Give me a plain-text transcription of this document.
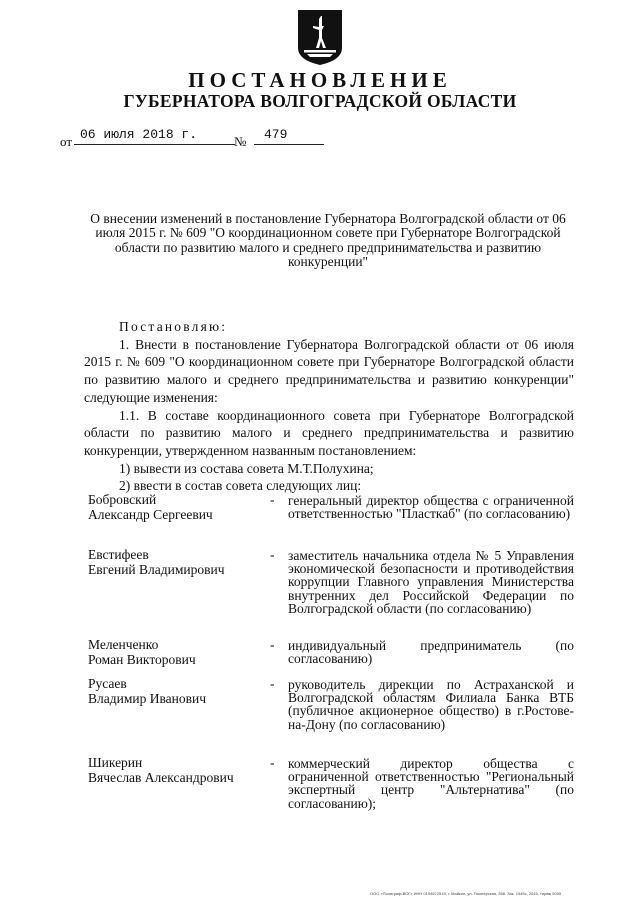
ПОСТАНОВЛЕНИЕ
ГУБЕРНАТОРА ВОЛГОГРАДСКОЙ ОБЛАСТИ
от 06 июля 2018 г.	№	479
О внесении изменений в постановление Губернатора Волгоградской области от 06 июля 2015 г. № 609 "О координационном совете при Губернаторе Волгоградской области по развитию малого и среднего предпринимательства и развитию конкуренции"

Постановляю:

1. Внести в постановление Губернатора Волгоградской области от 06 июля 2015 г. № 609 "О координационном совете при Губернаторе Волгоградской области по развитию малого и среднего предпринимательства и развитию конкуренции" следующие изменения:

1.1. В составе координационного совета при Губернаторе Волгоградской области по развитию малого и среднего предпринимательства и развитию конкуренции, утвержденном названным постановлением:

1) вывести из состава совета М.Т.Полухина;

2) ввести в состав совета следующих лиц:

Бобровский
Александр Сергеевич
- генеральный директор общества с ограниченной ответственностью "Пласткаб" (по согласованию)
Евстифеев
Евгений Владимирович
- заместитель начальника отдела № 5 Управления экономической безопасности и противодействия коррупции Главного управления Министерства внутренних дел Российской Федерации по Волгоградской области (по согласованию)
Меленченко
Роман Викторович
- индивидуальный предприниматель (по согласованию)
Русаев
Владимир Иванович
- руководитель дирекции по Астраханской и Волгоградской областям Филиала Банка ВТБ (публичное акционерное общество) в г.Ростове-на-Дону (по согласованию)
Шикерин
Вячеслав Александрович
- коммерческий директор общества с ограниченной ответственностью "Региональный экспертный центр "Альтернатива" (по согласованию);
ООО «Полиграф-ВОГ» ИНН 0194672519, г. Майкоп, ул. Пионерская, 268. Зак. 1945с, 2015, тираж 5000
